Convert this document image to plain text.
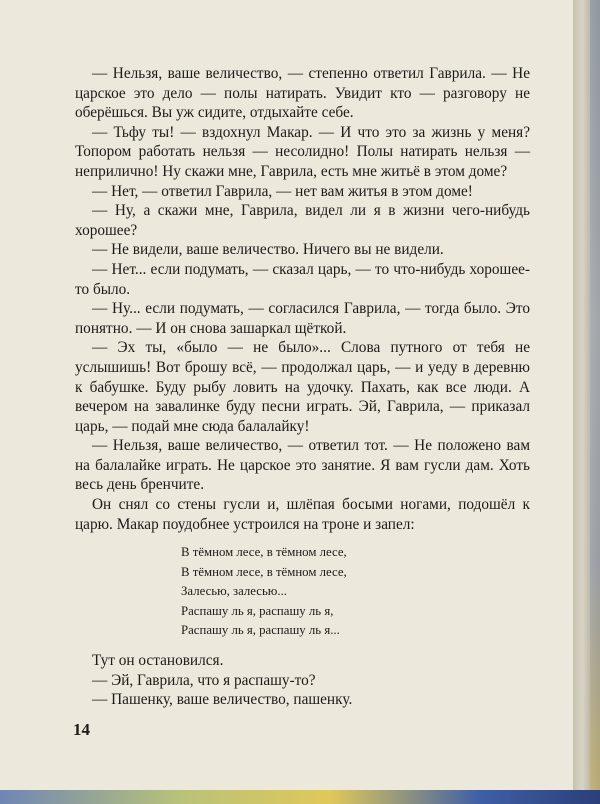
— Нельзя, ваше величество, — степенно ответил Гаврила. — Не царское это дело — полы натирать. Увидит кто — разговору не оберёшься. Вы уж сидите, отдыхайте себе.

— Тьфу ты! — вздохнул Макар. — И что это за жизнь у меня? Топором работать нельзя — несолидно! Полы натирать нельзя — неприлично! Ну скажи мне, Гаврила, есть мне житьё в этом доме?

— Нет, — ответил Гаврила, — нет вам житья в этом доме!

— Ну, а скажи мне, Гаврила, видел ли я в жизни чего-нибудь хорошее?

— Не видели, ваше величество. Ничего вы не видели.

— Нет... если подумать, — сказал царь, — то что-нибудь хорошее-то было.

— Ну... если подумать, — согласился Гаврила, — тогда было. Это понятно. — И он снова зашаркал щёткой.

— Эх ты, «было — не было»... Слова путного от тебя не услышишь! Вот брошу всё, — продолжал царь, — и уеду в деревню к бабушке. Буду рыбу ловить на удочку. Пахать, как все люди. А вечером на завалинке буду песни играть. Эй, Гаврила, — приказал царь, — подай мне сюда балалайку!

— Нельзя, ваше величество, — ответил тот. — Не положено вам на балалайке играть. Не царское это занятие. Я вам гусли дам. Хоть весь день бренчите.

Он снял со стены гусли и, шлёпая босыми ногами, подошёл к царю. Макар поудобнее устроился на троне и запел:

В тёмном лесе, в тёмном лесе,
В тёмном лесе, в тёмном лесе,
Залесью, залесью...
Распашу ль я, распашу ль я,
Распашу ль я, распашу ль я...

Тут он остановился.

— Эй, Гаврила, что я распашу-то?

— Пашенку, ваше величество, пашенку.

14
